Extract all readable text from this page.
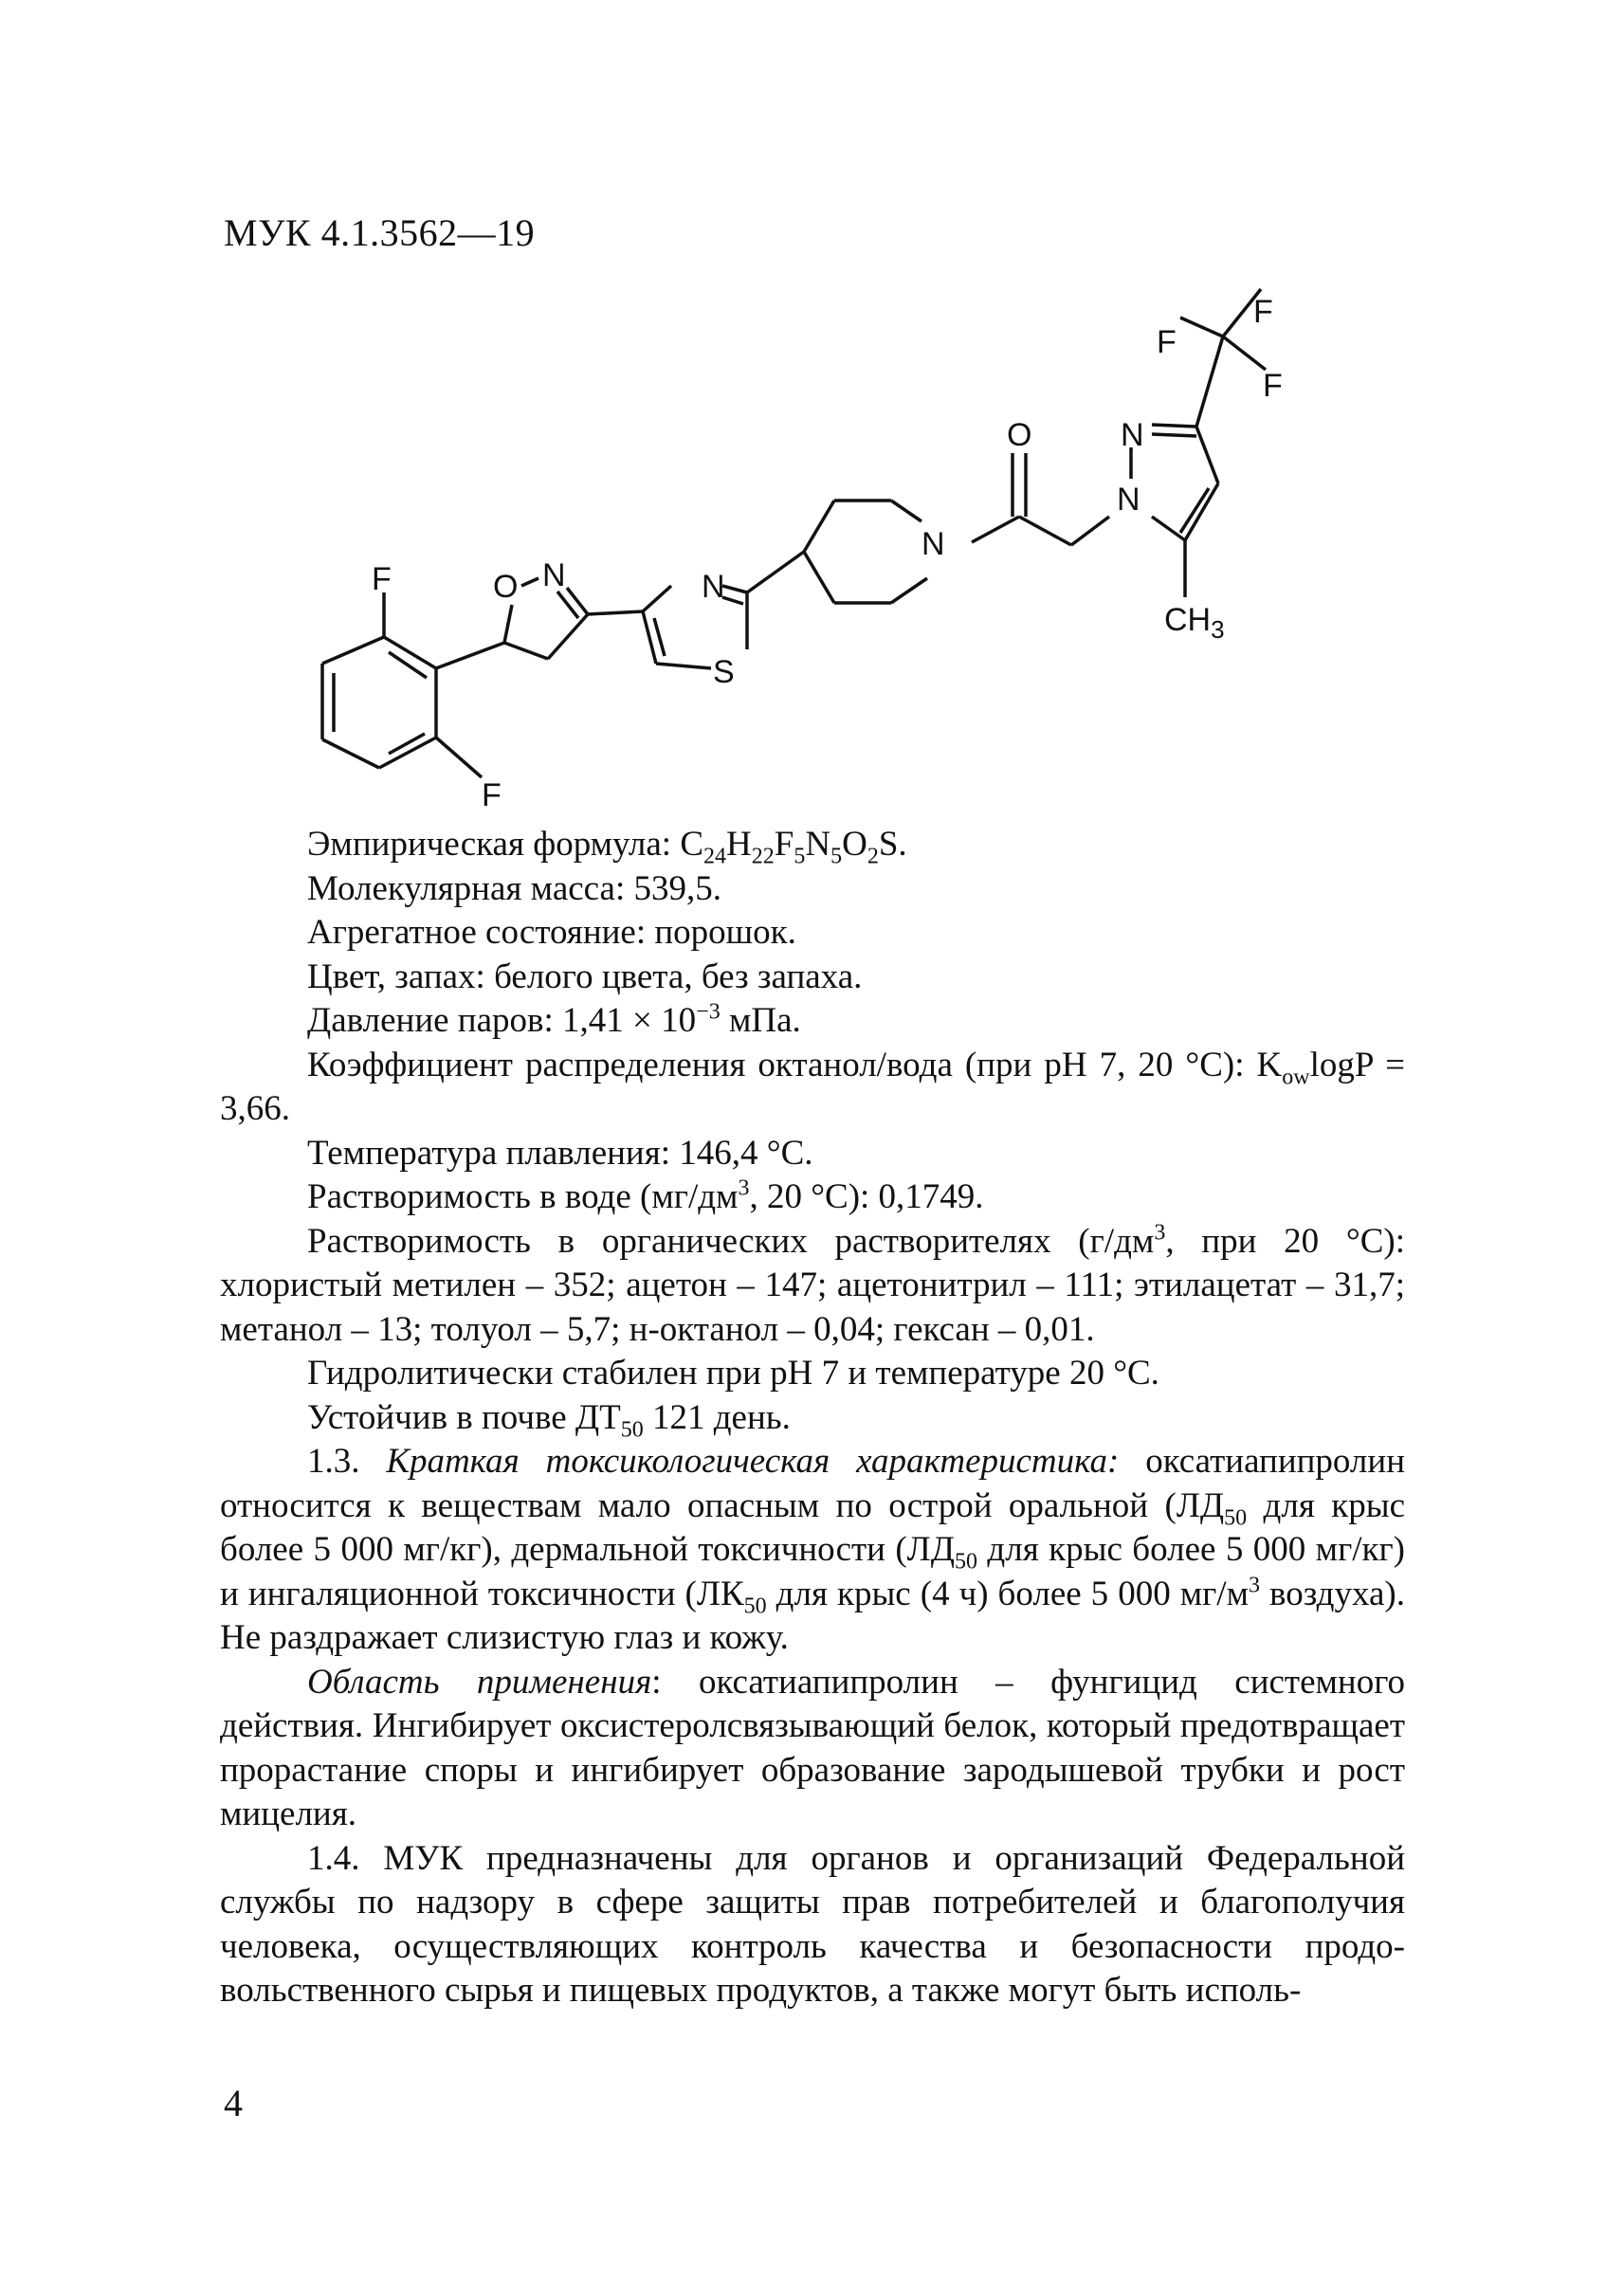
МУК 4.1.3562—19
F
F
F
O	N
N
N
$CH_3$
F	O N	N
S
F

Эмпирическая формула: $C_{24}H_{22}F_5N_5O_2S$.

Молекулярная масса: 539,5.

Агрегатное состояние: порошок.

Цвет, запах: белого цвета, без запаха.

Давление паров: $1,41 \times 10^{-3}$ мПа.

Коэффициент распределения октанол/вода (при pH 7, 20 °C): $K_{ow}\log P = 3,66$.

Температура плавления: 146,4 °C.

Растворимость в воде ($мг/дм^3$, 20 °C): 0,1749.

Растворимость в органических растворителях ($г/дм^3$, при 20 °C): хлористый метилен – 352; ацетон – 147; ацетонитрил – 111; этилацетат – 31,7; метанол – 13; толуол – 5,7; н-октанол – 0,04; гексан – 0,01.

Гидролитически стабилен при pH 7 и температуре 20 °C.

Устойчив в почве $ДТ_{50}$ 121 день.

1.3. Краткая токсикологическая характеристика: оксатиапипролин относится к веществам мало опасным по острой оральной ($ЛД_{50}$ для крыс более 5 000 мг/кг), дермальной токсичности ($ЛД_{50}$ для крыс более 5 000 мг/кг) и ингаляционной токсичности ($ЛК_{50}$ для крыс (4 ч) более 5 000 $мг/м^3$ воздуха). Не раздражает слизистую глаз и кожу.

Область применения: оксатиапипролин – фунгицид системного действия. Ингибирует оксистеролсвязывающий белок, который предотвращает прорастание споры и ингибирует образование зародышевой трубки и рост мицелия.

1.4. МУК предназначены для органов и организаций Федеральной службы по надзору в сфере защиты прав потребителей и благополучия человека, осуществляющих контроль качества и безопасности продовольственного сырья и пищевых продуктов, а также могут быть исполь-

4
